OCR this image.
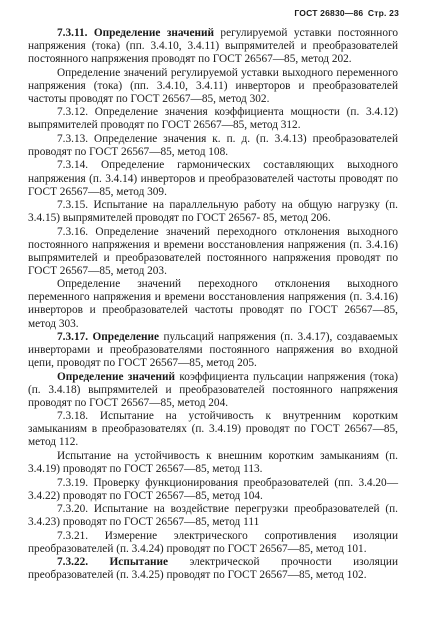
ГОСТ 26830—86 Стр. 23

7.3.11. Определение значений регулируемой уставки постоянного напряжения (тока) (пп. 3.4.10, 3.4.11) выпрямителей и преобразователей постоянного напряжения проводят по ГОСТ 26567—85, метод 202.

Определение значений регулируемой уставки выходного переменного напряжения (тока) (пп. 3.4.10, 3.4.11) инверторов и преобразователей частоты проводят по ГОСТ 26567—85, метод 302.

7.3.12. Определение значения коэффициента мощности (п. 3.4.12) выпрямителей проводят по ГОСТ 26567—85, метод 312.

7.3.13. Определение значения к. п. д. (п. 3.4.13) преобразователей проводят по ГОСТ 26567—85, метод 108.

7.3.14. Определение гармонических составляющих выходного напряжения (п. 3.4.14) инверторов и преобразователей частоты проводят по ГОСТ 26567—85, метод 309.

7.3.15. Испытание на параллельную работу на общую нагрузку (п. 3.4.15) выпрямителей проводят по ГОСТ 26567- 85, метод 206.

7.3.16. Определение значений переходного отклонения выходного постоянного напряжения и времени восстановления напряжения (п. 3.4.16) выпрямителей и преобразователей постоянного напряжения проводят по ГОСТ 26567—85, метод 203.

Определение значений переходного отклонения выходного переменного напряжения и времени восстановления напряжения (п. 3.4.16) инверторов и преобразователей частоты проводят по ГОСТ 26567—85, метод 303.

7.3.17. Определение пульсаций напряжения (п. 3.4.17), создаваемых инверторами и преобразователями постоянного напряжения во входной цепи, проводят по ГОСТ 26567—85, метод 205.

Определение значений коэффициента пульсации напряжения (тока) (п. 3.4.18) выпрямителей и преобразователей постоянного напряжения проводят по ГОСТ 26567—85, метод 204.

7.3.18. Испытание на устойчивость к внутренним коротким замыканиям в преобразователях (п. 3.4.19) проводят по ГОСТ 26567—85, метод 112.

Испытание на устойчивость к внешним коротким замыканиям (п. 3.4.19) проводят по ГОСТ 26567—85, метод 113.

7.3.19. Проверку функционирования преобразователей (пп. 3.4.20—3.4.22) проводят по ГОСТ 26567—85, метод 104.

7.3.20. Испытание на воздействие перегрузки преобразователей (п. 3.4.23) проводят по ГОСТ 26567—85, метод 111

7.3.21. Измерение электрического сопротивления изоляции преобразователей (п. 3.4.24) проводят по ГОСТ 26567—85, метод 101.

7.3.22. Испытание электрической прочности изоляции преобразователей (п. 3.4.25) проводят по ГОСТ 26567—85, метод 102.
